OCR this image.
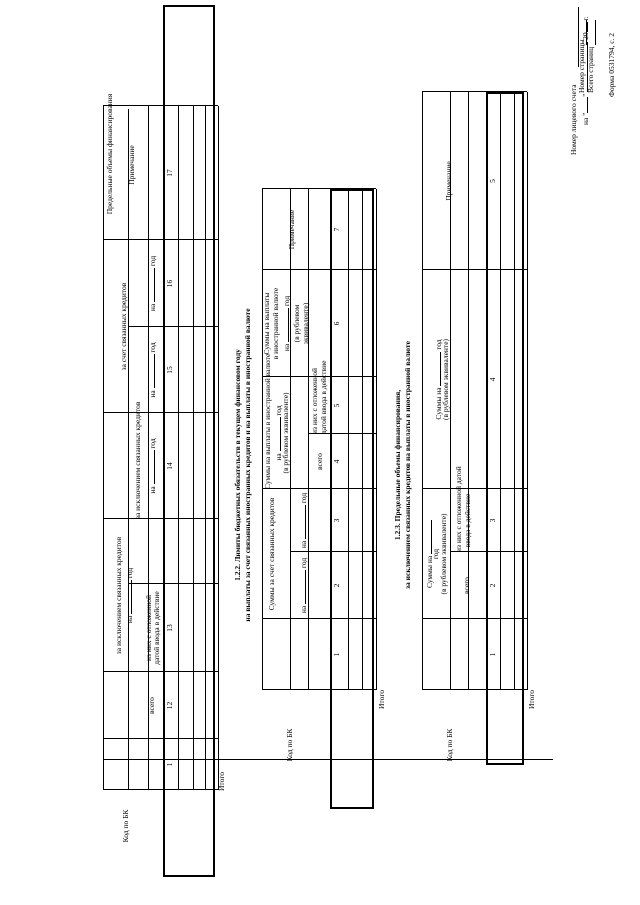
Форма 0531794, с. 2
Номер лицевого счета на ""  20 г.
Код по БК
Предельные объемы финансирования
за исключением связанных кредитов на  год
всего
из них с отложенной датой ввода в действие
за исключением связанных кредитов на  год
за счет связанных кредитов
на  год
на  год
Примечание
1
12
13
14
15
16
17
Итого
1.2.2. Лимиты бюджетных обязательств в текущем финансовом году на выплаты за счет связанных иностранных кредитов и на выплаты в иностранной валюте
Код по БК
Суммы за счет связанных кредитов	на  год
на  год
Суммы на выплаты в иностранной валюте на  год
(в рублевом эквиваленте)	всего
из них с отложенной датой ввода в действие
Суммы на выплаты в иностранной валюте на  год
(в рублевом эквиваленте)
Примечание
1
2
3
4
5
6
7
Итого
1.2.3. Предельные объемы финансирования, за исключением связанных кредитов на выплаты в иностранной валюте
Код по БК
Суммы на
год (в рублевом эквиваленте) всего
из них с отложенной датой ввода в действие
Суммы на  год
(в рублевом эквиваленте)
Примечание
1
2
3
4
5
Итого
Номер страницы Всего страниц
